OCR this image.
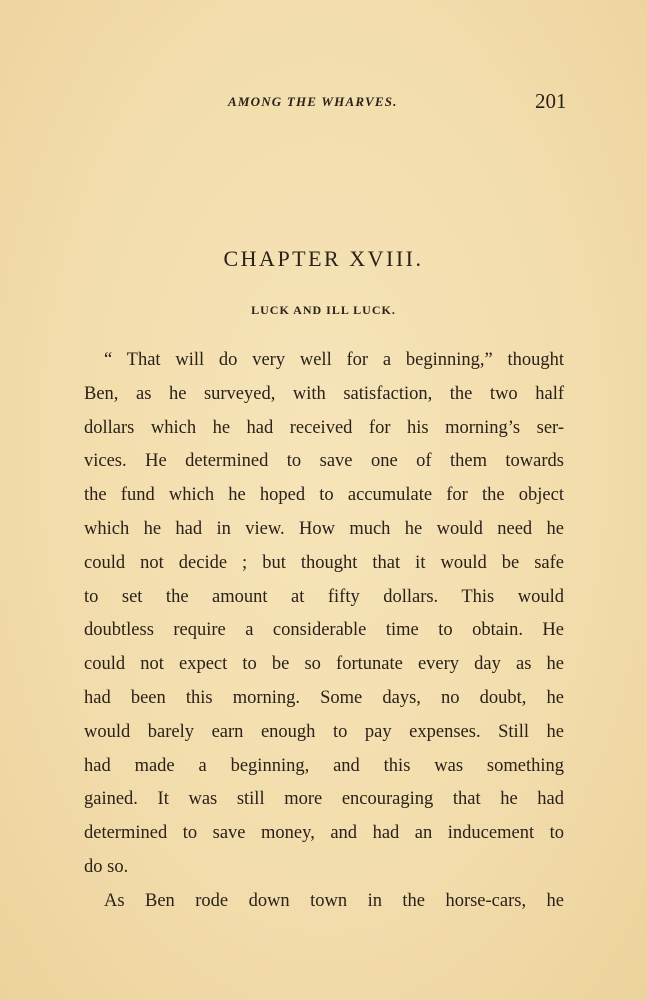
AMONG THE WHARVES.	201
CHAPTER XVIII.
LUCK AND ILL LUCK.
“ That will do very well for a beginning,” thought
Ben, as he surveyed, with satisfaction, the two half
dollars which he had received for his morning’s ser-
vices. He determined to save one of them towards
the fund which he hoped to accumulate for the object
which he had in view. How much he would need he
could not decide ; but thought that it would be safe
to set the amount at fifty dollars. This would
doubtless require a considerable time to obtain. He
could not expect to be so fortunate every day as he
had been this morning. Some days, no doubt, he
would barely earn enough to pay expenses. Still he
had made a beginning, and this was something
gained. It was still more encouraging that he had
determined to save money, and had an inducement to
do so.
As Ben rode down town in the horse-cars, he
